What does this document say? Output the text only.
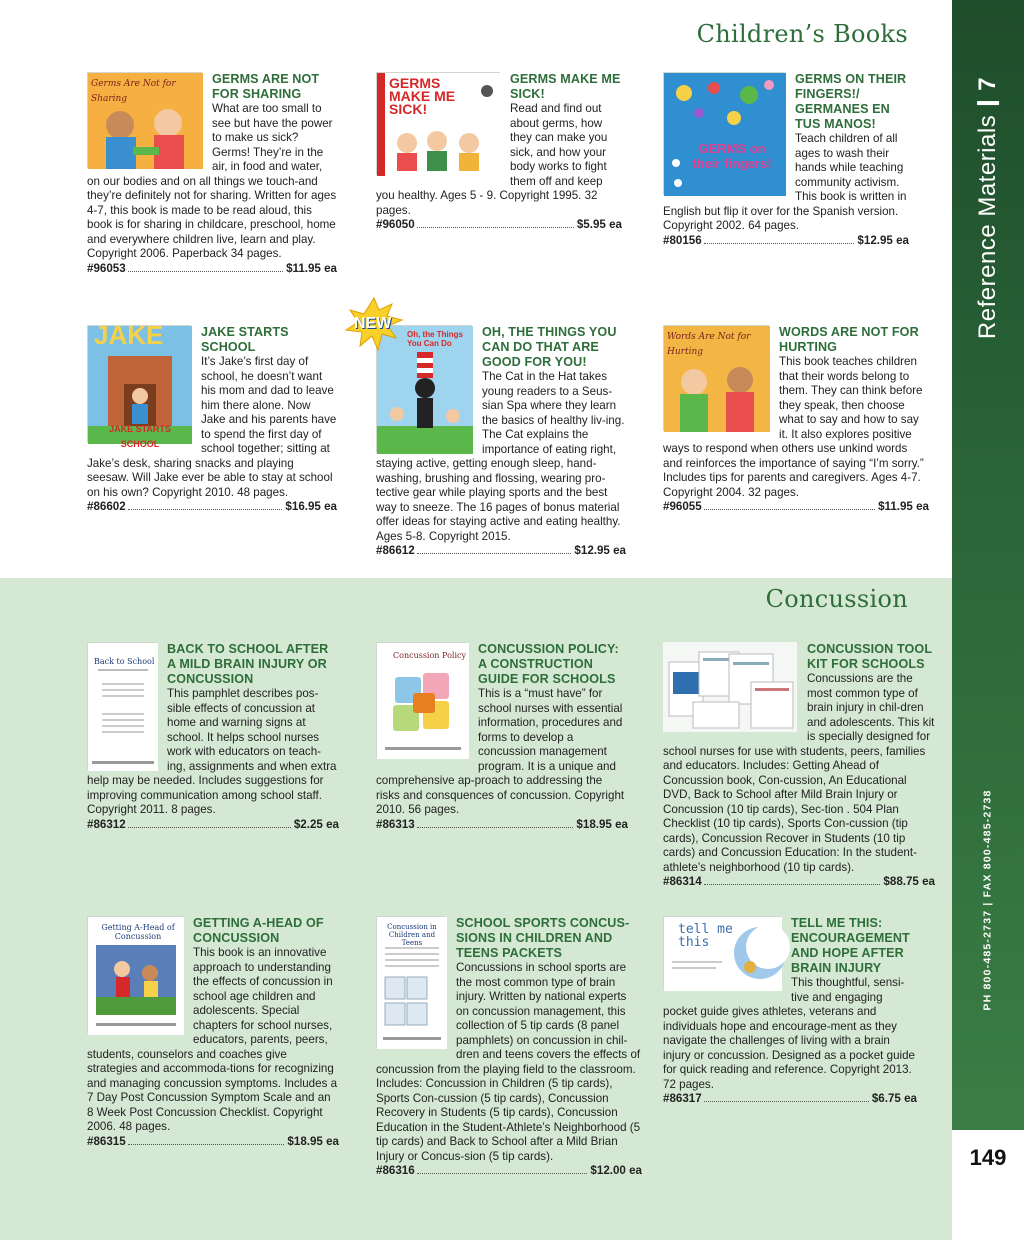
Reference Materials
7
PH 800-485-2737 | FAX 800-485-2738
149
Children’s Books
Concussion
Germs Are Not for Sharing
GERMS ARE NOT FOR SHARING
What are too small to see but have the power to make us sick? Germs! They’re in the air, in food and water, on our bodies and on all things we touch-and they’re definitely not for sharing. Written for ages 4-7, this book is made to be read aloud, this book is for sharing in childcare, preschool, home and everywhere children live, learn and play. Copyright 2006. Paperback 34 pages.
#96053	$11.95 ea
GERMS MAKE ME SICK!
GERMS MAKE ME SICK!
Read and find out about germs, how they can make you sick, and how your body works to fight them off and keep you healthy. Ages 5 - 9. Copyright 1995. 32 pages.
#96050	$5.95 ea
GERMS on their fingers!
GERMS ON THEIR FINGERS!/ GERMANES EN TUS MANOS!
Teach children of all ages to wash their hands while teaching community activism. This book is written in English but flip it over for the Spanish version. Copyright 2002. 64 pages.
#80156	$12.95 ea
JAKE
JAKE STARTS SCHOOL
JAKE STARTS SCHOOL
It’s Jake’s first day of school, he doesn’t want his mom and dad to leave him there alone. Now Jake and his parents have to spend the first day of school together; sitting at Jake’s desk, sharing snacks and playing seesaw. Will Jake ever be able to stay at school on his own? Copyright 2010. 48 pages.
#86602	$16.95 ea
NEW
Oh, the Things You Can Do
OH, THE THINGS YOU CAN DO THAT ARE GOOD FOR YOU!
The Cat in the Hat takes young readers to a Seus-sian Spa where they learn the basics of healthy liv-ing. The Cat explains the importance of eating right, staying active, getting enough sleep, hand-washing, brushing and flossing, wearing pro-tective gear while playing sports and the best way to sneeze. The 16 pages of bonus material offer ideas for staying active and eating healthy. Ages 5-8. Copyright 2015.
#86612	$12.95 ea
Words Are Not for Hurting
WORDS ARE NOT FOR HURTING
This book teaches children that their words belong to them. They can think before they speak, then choose what to say and how to say it. It also explores positive ways to respond when others use unkind words and reinforces the importance of saying “I’m sorry.” Includes tips for parents and caregivers. Ages 4-7. Copyright 2004. 32 pages.
#96055	$11.95 ea
Back to School
BACK TO SCHOOL AFTER A MILD BRAIN INJURY OR CONCUSSION
This pamphlet describes pos-sible effects of concussion at home and warning signs at school. It helps school nurses work with educators on teach-ing, assignments and when extra help may be needed. Includes suggestions for improving communication among school staff. Copyright 2011. 8 pages.
#86312	$2.25 ea
Concussion Policy CONCUSSION POLICY: A CONSTRUCTION GUIDE FOR SCHOOLS
This is a “must have” for school nurses with essential information, procedures and forms to develop a concussion management program. It is a unique and comprehensive ap-proach to addressing the risks and consquences of concussion. Copyright 2010. 56 pages.
#86313	$18.95 ea
CONCUSSION TOOL KIT FOR SCHOOLS
Concussions are the most common type of brain injury in chil-dren and adolescents. This kit is specially designed for school nurses for use with students, peers, families and educators. Includes: Getting Ahead of Concussion book, Con-cussion, An Educational DVD, Back to School after Mild Brain Injury or Concussion (10 tip cards), Sec-tion . 504 Plan Checklist (10 tip cards), Sports Con-cussion (tip cards), Concussion Recover in Students (10 tip cards) and Concussion Education: In the student-athlete’s neighborhood (10 tip cards).
#86314	$88.75 ea
Getting A-Head of Concussion
GETTING A-HEAD OF CONCUSSION
This book is an innovative approach to understanding the effects of concussion in school age children and adolescents. Special chapters for school nurses, educators, parents, peers, students, counselors and coaches give strategies and accommoda-tions for recognizing and managing concussion symptoms. Includes a 7 Day Post Concussion Symptom Scale and an 8 Week Post Concussion Checklist. Copyright 2006. 48 pages.
#86315	$18.95 ea
Concussion in Children and Teens
SCHOOL SPORTS CONCUS-SIONS IN CHILDREN AND TEENS PACKETS
Concussions in school sports are the most common type of brain injury. Written by national experts on concussion management, this collection of 5 tip cards (8 panel pamphlets) on concussion in chil-dren and teens covers the effects of concussion from the playing field to the classroom. Includes: Concussion in Children (5 tip cards), Sports Con-cussion (5 tip cards), Concussion Recovery in Students (5 tip cards), Concussion Education in the Student-Athlete’s Neighborhood (5 tip cards) and Back to School after a Mild Brian Injury or Concus-sion (5 tip cards).
#86316	$12.00 ea
tell me this
TELL ME THIS: ENCOURAGEMENT AND HOPE AFTER BRAIN INJURY
This thoughtful, sensi-tive and engaging pocket guide gives athletes, veterans and individuals hope and encourage-ment as they navigate the challenges of living with a brain injury or concussion. Designed as a pocket guide for quick reading and reference. Copyright 2013. 72 pages.
#86317	$6.75 ea
